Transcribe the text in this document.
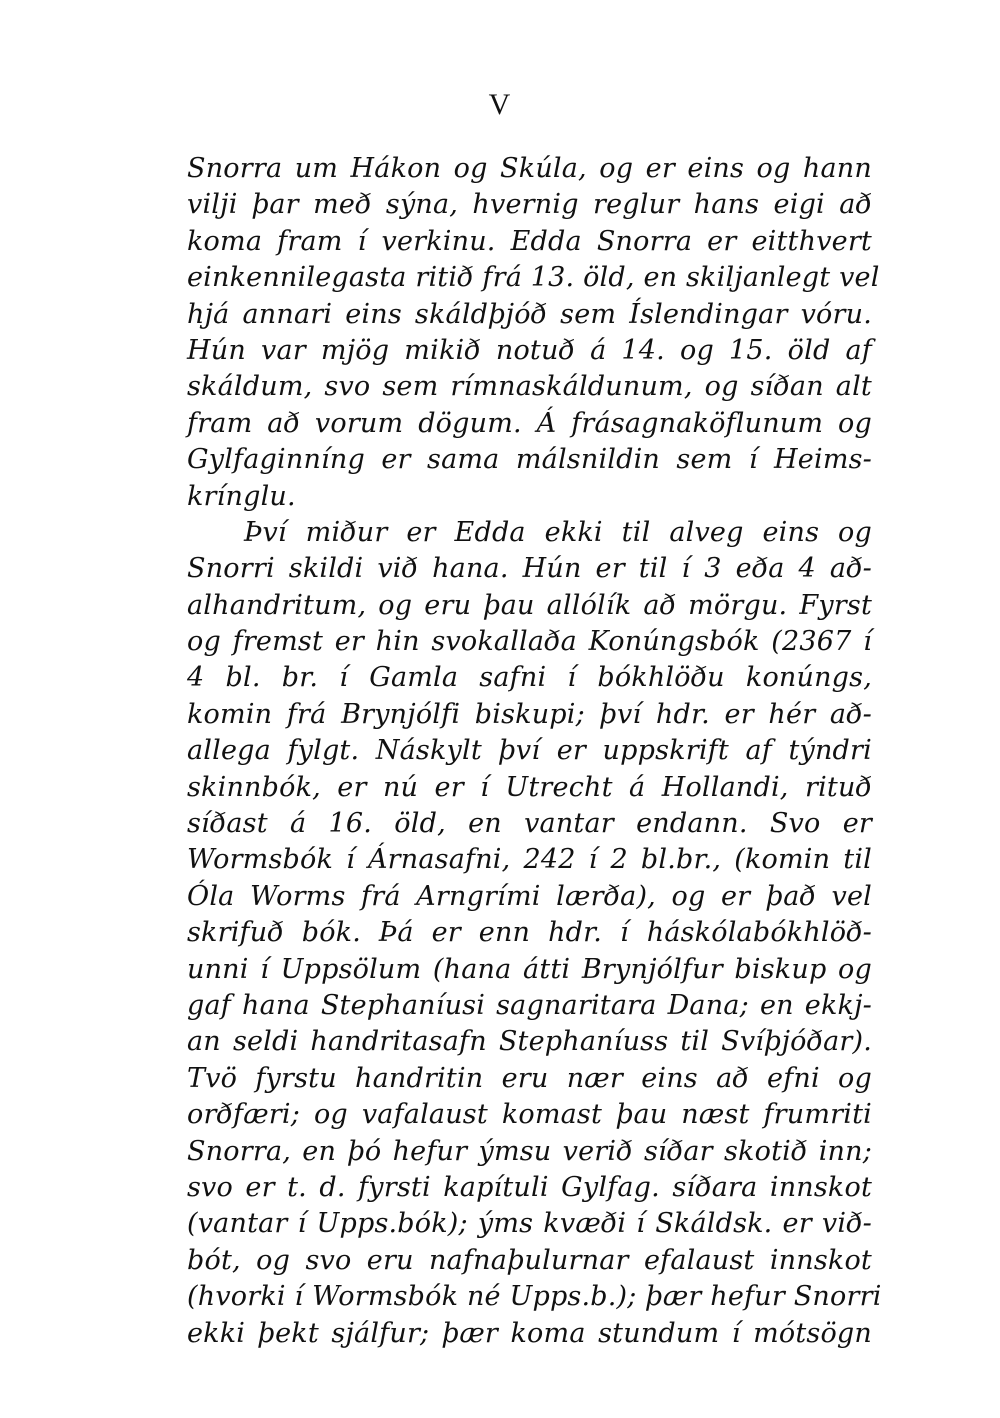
V
Snorra um Hákon og Skúla, og er eins og hann
vilji þar með sýna, hvernig reglur hans eigi að
koma fram í verkinu. Edda Snorra er eitthvert
einkennilegasta ritið frá 13. öld, en skiljanlegt vel
hjá annari eins skáldþjóð sem Íslendingar vóru.
Hún var mjög mikið notuð á 14. og 15. öld af
skáldum, svo sem rímnaskáldunum, og síðan alt
fram að vorum dögum. Á frásagnaköflunum og
Gylfaginníng er sama málsnildin sem í Heims-
kríngl​u.
Því miður er Edda ekki til alveg eins og
Snorri skildi við hana. Hún er til í 3 eða 4 að-
alhandritum, og eru þau allólík að mörgu. Fyrst
og fremst er hin svokallaða Konúngsbók (2367 í
4 bl. br. í Gamla safni í bókhlöðu konúngs,
komin frá Brynjólfi biskupi; því hdr. er hér að-
allega fylgt. Náskylt því er uppskrift af týndri
skinnbók, er nú er í Utrecht á Hollandi, rituð
síðast á 16. öld, en vantar endann. Svo er
Wormsbók í Árnasafni, 242 í 2 bl.br., (komin til
Óla Worms frá Arngrími lærða), og er það vel
skrifuð bók. Þá er enn hdr. í háskólabókhlöð-
unni í Uppsölum (hana átti Brynjólfur biskup og
gaf hana Stephaníusi sagnaritara Dana; en ekkj-
an seldi handritasafn Stephaníuss til Svíþjóðar).
Tvö fyrstu handritin eru nær eins að efni og
orðfæri; og vafalaust komast þau næst frumriti
Snorra, en þó hefur ýmsu verið síðar skotið inn;
svo er t. d. fyrsti kapítuli Gylfag. síðara innskot
(vantar í Upps.bók); ýms kvæði í Skáldsk. er við-
bót, og svo eru nafnaþulurnar efalaust innskot
(hvorki í Wormsbók né Upps.b.); þær hefur Snorri
ekki þekt sjálfur; þær koma stundum í mótsögn
